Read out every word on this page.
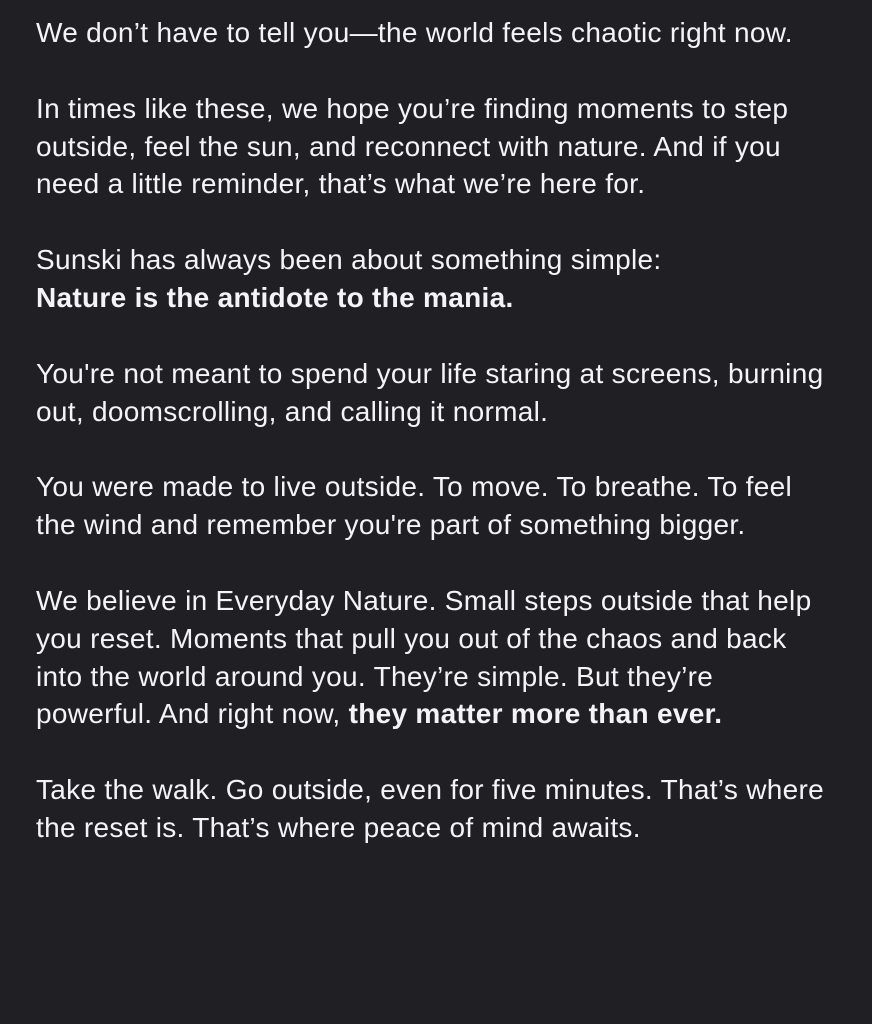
We don’t have to tell you—the world feels chaotic right now.

In times like these, we hope you’re finding moments to step outside, feel the sun, and reconnect with nature. And if you need a little reminder, that’s what we’re here for.

Sunski has always been about something simple:
Nature is the antidote to the mania.

You're not meant to spend your life staring at screens, burning out, doomscrolling, and calling it normal.

You were made to live outside. To move. To breathe. To feel the wind and remember you're part of something bigger.

We believe in Everyday Nature. Small steps outside that help you reset. Moments that pull you out of the chaos and back into the world around you. They’re simple. But they’re powerful. And right now, they matter more than ever.

Take the walk. Go outside, even for five minutes. That’s where the reset is. That’s where peace of mind awaits.
